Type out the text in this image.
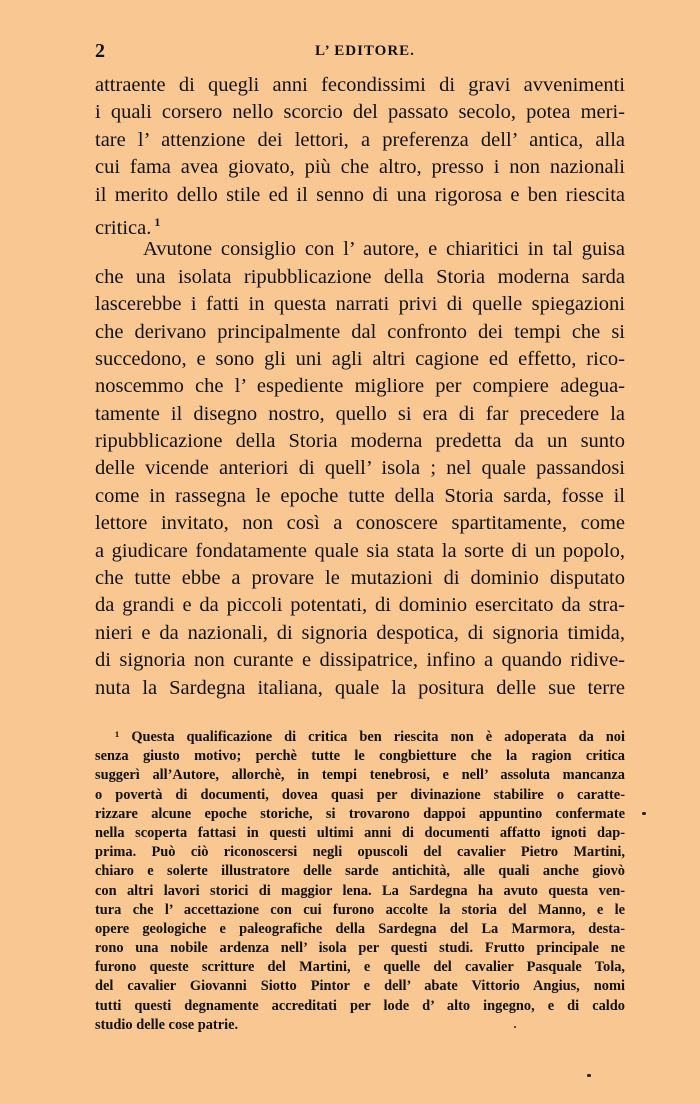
2	L’ EDITORE.
attraente di quegli anni fecondissimi di gravi avvenimenti
i quali corsero nello scorcio del passato secolo, potea meri-
tare l’ attenzione dei lettori, a preferenza dell’ antica, alla
cui fama avea giovato, più che altro, presso i non nazionali
il merito dello stile ed il senno di una rigorosa e ben riescita
critica. $^1$
Avutone consiglio con l’ autore, e chiaritici in tal guisa
che una isolata ripubblicazione della Storia moderna sarda
lascerebbe i fatti in questa narrati privi di quelle spiegazioni
che derivano principalmente dal confronto dei tempi che si
succedono, e sono gli uni agli altri cagione ed effetto, rico-
noscemmo che l’ espediente migliore per compiere adegua-
tamente il disegno nostro, quello si era di far precedere la
ripubblicazione della Storia moderna predetta da un sunto
delle vicende anteriori di quell’ isola ; nel quale passandosi
come in rassegna le epoche tutte della Storia sarda, fosse il
lettore invitato, non così a conoscere spartitamente, come
a giudicare fondatamente quale sia stata la sorte di un popolo,
che tutte ebbe a provare le mutazioni di dominio disputato
da grandi e da piccoli potentati, di dominio esercitato da stra-
nieri e da nazionali, di signoria despotica, di signoria timida,
di signoria non curante e dissipatrice, infino a quando ridive-
nuta la Sardegna italiana, quale la positura delle sue terre
¹ Questa qualificazione di critica ben riescita non è adoperata da noi
senza giusto motivo; perchè tutte le congbietture che la ragion critica
suggerì all’Autore, allorchè, in tempi tenebrosi, e nell’ assoluta mancanza
o povertà di documenti, dovea quasi per divinazione stabilire o caratte-
rizzare alcune epoche storiche, si trovarono dappoi appuntino confermate
nella scoperta fattasi in questi ultimi anni di documenti affatto ignoti dap-
prima. Può ciò riconoscersi negli opuscoli del cavalier Pietro Martini,
chiaro e solerte illustratore delle sarde antichità, alle quali anche giovò
con altri lavori storici di maggior lena. La Sardegna ha avuto questa ven-
tura che l’ accettazione con cui furono accolte la storia del Manno, e le
opere geologiche e paleografiche della Sardegna del La Marmora, desta-
rono una nobile ardenza nell’ isola per questi studi. Frutto principale ne
furono queste scritture del Martini, e quelle del cavalier Pasquale Tola,
del cavalier Giovanni Siotto Pintor e dell’ abate Vittorio Angius, nomi
tutti questi degnamente accreditati per lode d’ alto ingegno, e di caldo
studio delle cose patrie.
